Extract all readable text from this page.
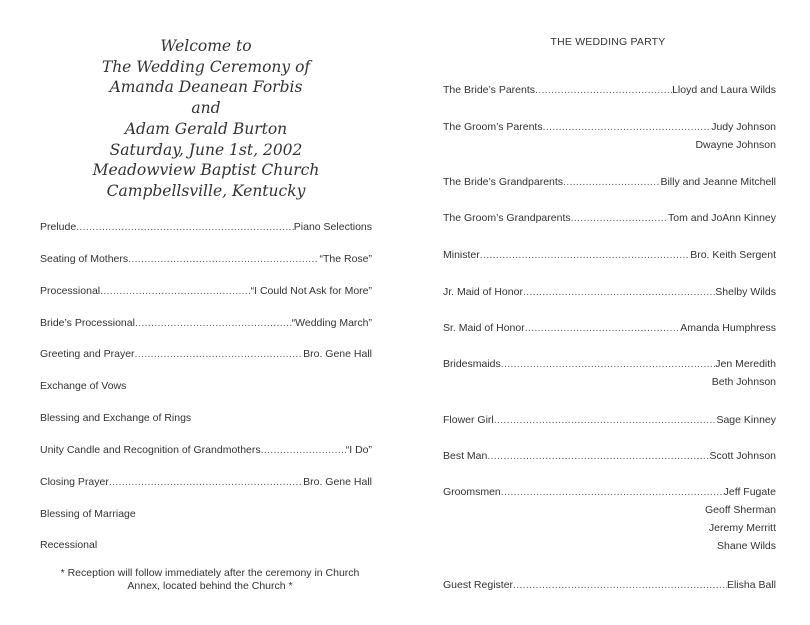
Welcome to
The Wedding Ceremony of
Amanda Deanean Forbis
and
Adam Gerald Burton
Saturday, June 1st, 2002
Meadowview Baptist Church
Campbellsville, Kentucky
Prelude .....	Piano Selections
Seating of Mothers .....	“The Rose”
Processional .....	“I Could Not Ask for More”
Bride’s Processional .....	“Wedding March”
Greeting and Prayer .....	Bro. Gene Hall
Exchange of Vows
Blessing and Exchange of Rings
Unity Candle and Recognition of Grandmothers .....	“I Do”
Closing Prayer .....	Bro. Gene Hall
Blessing of Marriage
Recessional
* Reception will follow immediately after the ceremony in Church
Annex, located behind the Church *
THE WEDDING PARTY
The Bride’s Parents .....	Lloyd and Laura Wilds
The Groom’s Parents .....	Judy Johnson
Dwayne Johnson
The Bride’s Grandparents .....	Billy and Jeanne Mitchell
The Groom’s Grandparents .....	Tom and JoAnn Kinney
Minister .....	Bro. Keith Sergent
Jr. Maid of Honor .....	Shelby Wilds
Sr. Maid of Honor .....	Amanda Humphress
Bridesmaids .....	Jen Meredith
Beth Johnson
Flower Girl .....	Sage Kinney
Best Man .....	Scott Johnson
Groomsmen .....	Jeff Fugate
Geoff Sherman
Jeremy Merritt
Shane Wilds
Guest Register .....	Elisha Ball
